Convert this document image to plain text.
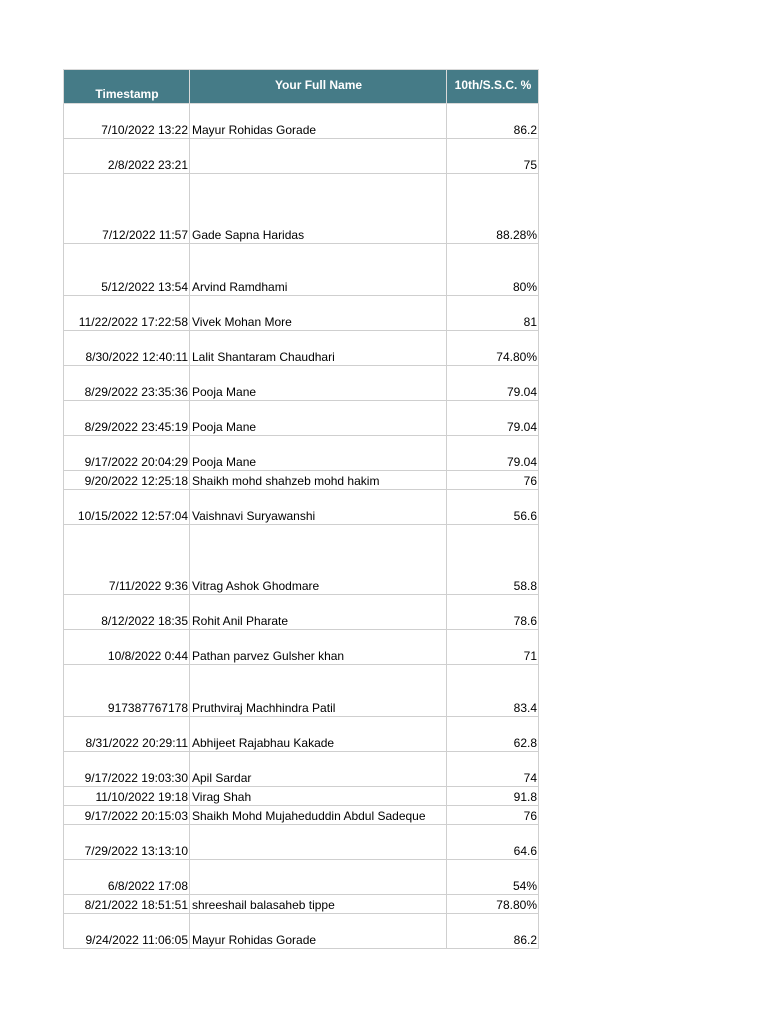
Timestamp	Your Full Name	10th/S.S.C. %
7/10/2022 13:22	Mayur Rohidas Gorade	86.2
2/8/2022 23:21		75
7/12/2022 11:57	Gade Sapna Haridas	88.28%
5/12/2022 13:54	Arvind Ramdhami	80%
11/22/2022 17:22:58	Vivek Mohan More	81
8/30/2022 12:40:11	Lalit Shantaram Chaudhari	74.80%
8/29/2022 23:35:36	Pooja Mane	79.04
8/29/2022 23:45:19	Pooja Mane	79.04
9/17/2022 20:04:29	Pooja Mane	79.04
9/20/2022 12:25:18	Shaikh mohd shahzeb mohd hakim	76
10/15/2022 12:57:04	Vaishnavi Suryawanshi	56.6
7/11/2022 9:36	Vitrag Ashok Ghodmare	58.8
8/12/2022 18:35	Rohit Anil Pharate	78.6
10/8/2022 0:44	Pathan parvez Gulsher khan	71
917387767178	Pruthviraj Machhindra Patil	83.4
8/31/2022 20:29:11	Abhijeet Rajabhau Kakade	62.8
9/17/2022 19:03:30	Apil Sardar	74
11/10/2022 19:18	Virag Shah	91.8
9/17/2022 20:15:03	Shaikh Mohd Mujaheduddin Abdul Sadeque	76
7/29/2022 13:13:10		64.6
6/8/2022 17:08		54%
8/21/2022 18:51:51	shreeshail balasaheb tippe	78.80%
9/24/2022 11:06:05	Mayur Rohidas Gorade	86.2
